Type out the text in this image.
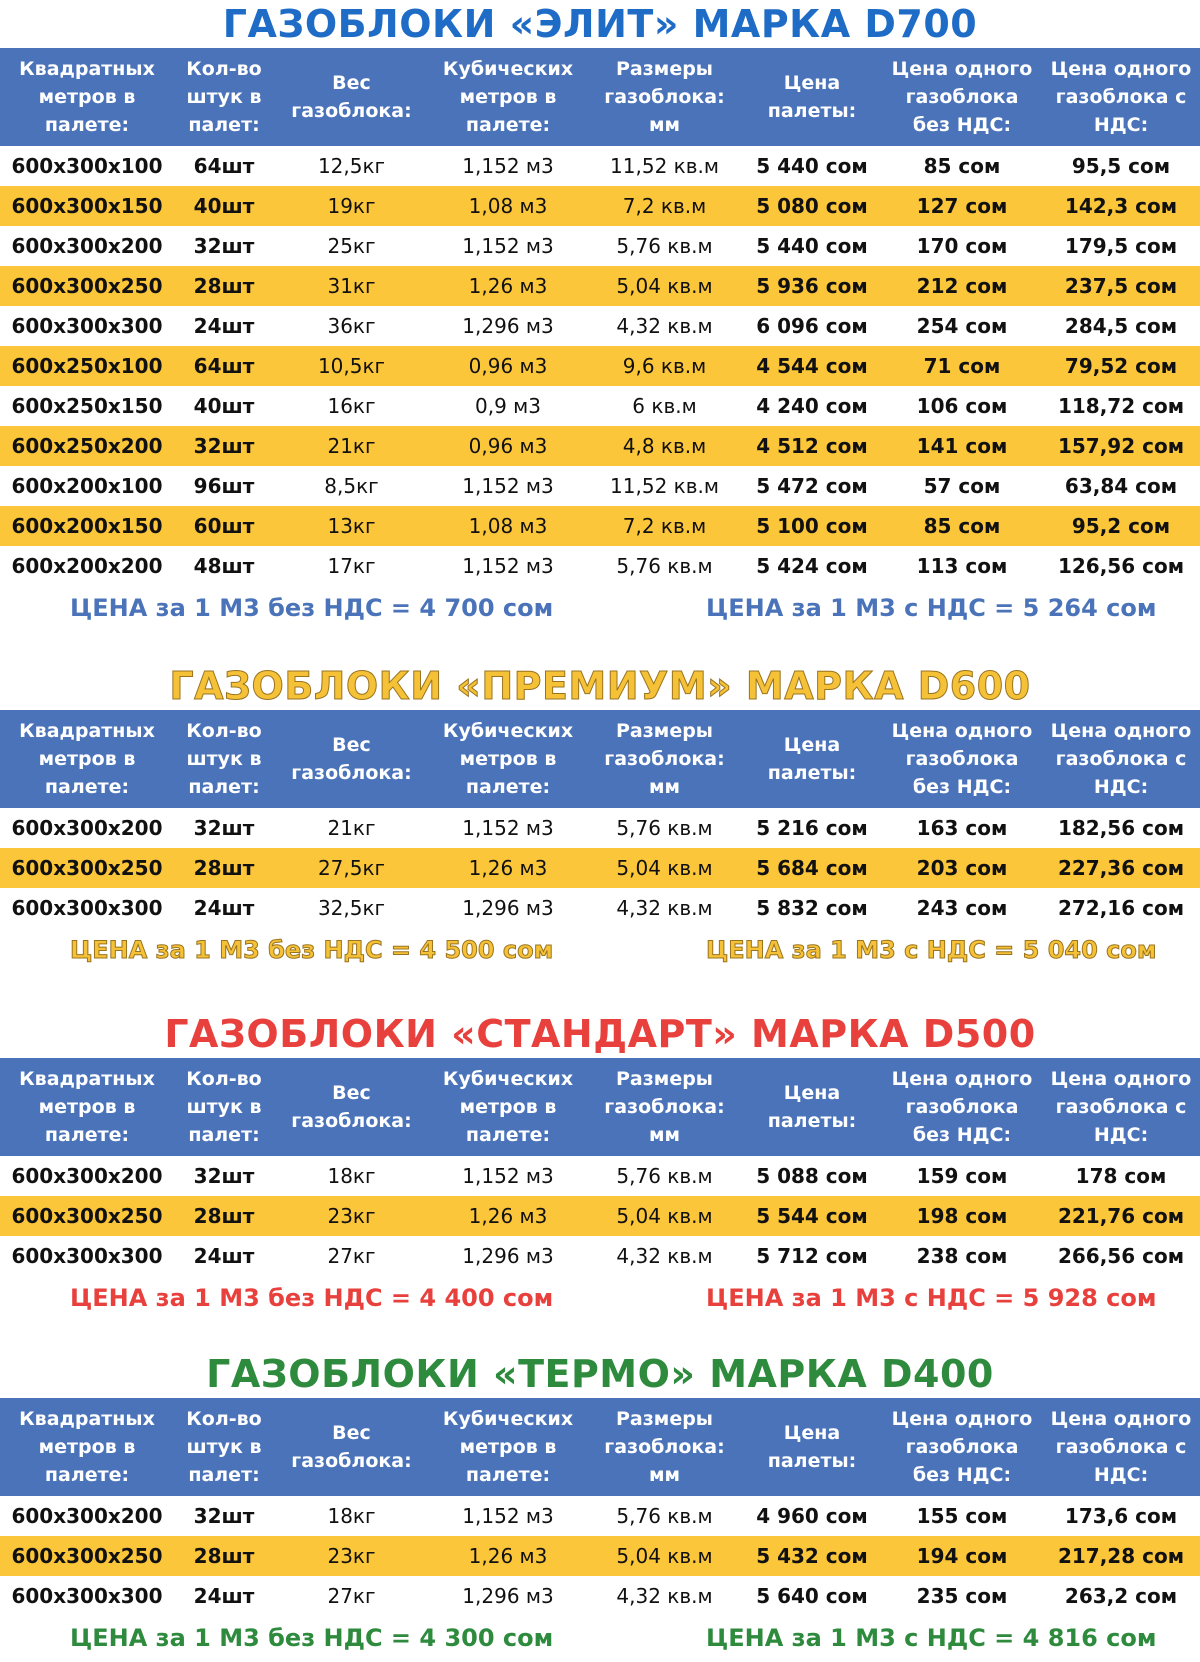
ГАЗОБЛОКИ «ЭЛИТ» МАРКА D700
Квадратных метров в палете:	Кол-во штук в палет:	Вес газоблока:	Кубических метров в палете:	Размеры газоблока: мм	Цена палеты:	Цена одного газоблока без НДС:	Цена одного газоблока с НДС:
600x300x100	64шт	12,5кг	1,152 м3	11,52 кв.м	5 440 сом	85 сом	95,5 сом
600x300x150	40шт	19кг	1,08 м3	7,2 кв.м	5 080 сом	127 сом	142,3 сом
600x300x200	32шт	25кг	1,152 м3	5,76 кв.м	5 440 сом	170 сом	179,5 сом
600x300x250	28шт	31кг	1,26 м3	5,04 кв.м	5 936 сом	212 сом	237,5 сом
600x300x300	24шт	36кг	1,296 м3	4,32 кв.м	6 096 сом	254 сом	284,5 сом
600x250x100	64шт	10,5кг	0,96 м3	9,6 кв.м	4 544 сом	71 сом	79,52 сом
600x250x150	40шт	16кг	0,9 м3	6 кв.м	4 240 сом	106 сом	118,72 сом
600x250x200	32шт	21кг	0,96 м3	4,8 кв.м	4 512 сом	141 сом	157,92 сом
600x200x100	96шт	8,5кг	1,152 м3	11,52 кв.м	5 472 сом	57 сом	63,84 сом
600x200x150	60шт	13кг	1,08 м3	7,2 кв.м	5 100 сом	85 сом	95,2 сом
600x200x200	48шт	17кг	1,152 м3	5,76 кв.м	5 424 сом	113 сом	126,56 сом
ЦЕНА за 1 М3 без НДС = 4 700 сом	ЦЕНА за 1 М3 с НДС = 5 264 сом
ГАЗОБЛОКИ «ПРЕМИУМ» МАРКА D600
Квадратных метров в палете:	Кол-во штук в палет:	Вес газоблока:	Кубических метров в палете:	Размеры газоблока: мм	Цена палеты:	Цена одного газоблока без НДС:	Цена одного газоблока с НДС:
600x300x200	32шт	21кг	1,152 м3	5,76 кв.м	5 216 сом	163 сом	182,56 сом
600x300x250	28шт	27,5кг	1,26 м3	5,04 кв.м	5 684 сом	203 сом	227,36 сом
600x300x300	24шт	32,5кг	1,296 м3	4,32 кв.м	5 832 сом	243 сом	272,16 сом
ЦЕНА за 1 М3 без НДС = 4 500 сом	ЦЕНА за 1 М3 с НДС = 5 040 сом
ГАЗОБЛОКИ «СТАНДАРТ» МАРКА D500
Квадратных метров в палете:	Кол-во штук в палет:	Вес газоблока:	Кубических метров в палете:	Размеры газоблока: мм	Цена палеты:	Цена одного газоблока без НДС:	Цена одного газоблока с НДС:
600x300x200	32шт	18кг	1,152 м3	5,76 кв.м	5 088 сом	159 сом	178 сом
600x300x250	28шт	23кг	1,26 м3	5,04 кв.м	5 544 сом	198 сом	221,76 сом
600x300x300	24шт	27кг	1,296 м3	4,32 кв.м	5 712 сом	238 сом	266,56 сом
ЦЕНА за 1 М3 без НДС = 4 400 сом	ЦЕНА за 1 М3 с НДС = 5 928 сом
ГАЗОБЛОКИ «ТЕРМО» МАРКА D400
Квадратных метров в палете:	Кол-во штук в палет:	Вес газоблока:	Кубических метров в палете:	Размеры газоблока: мм	Цена палеты:	Цена одного газоблока без НДС:	Цена одного газоблока с НДС:
600x300x200	32шт	18кг	1,152 м3	5,76 кв.м	4 960 сом	155 сом	173,6 сом
600x300x250	28шт	23кг	1,26 м3	5,04 кв.м	5 432 сом	194 сом	217,28 сом
600x300x300	24шт	27кг	1,296 м3	4,32 кв.м	5 640 сом	235 сом	263,2 сом
ЦЕНА за 1 М3 без НДС = 4 300 сом	ЦЕНА за 1 М3 с НДС = 4 816 сом
